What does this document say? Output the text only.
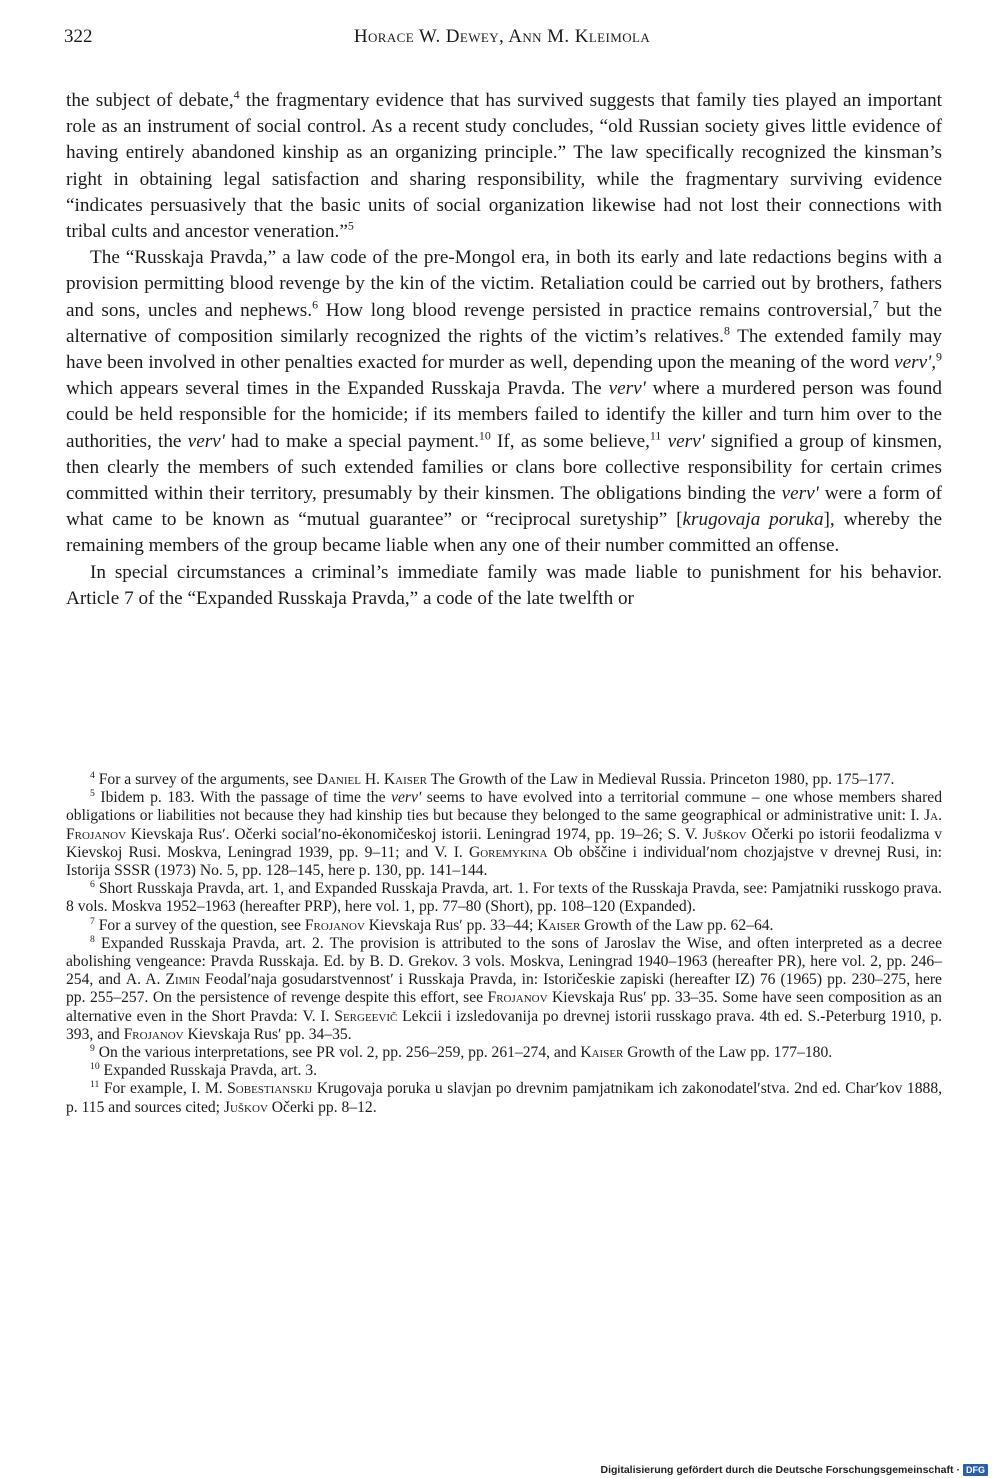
322	Horace W. Dewey, Ann M. Kleimola

the subject of debate,$^4$ the fragmentary evidence that has survived suggests that family ties played an important role as an instrument of social control. As a recent study concludes, “old Russian society gives little evidence of having entirely abandoned kinship as an organizing principle.” The law specifically recognized the kinsman’s right in obtaining legal satisfaction and sharing responsibility, while the fragmentary surviving evidence “indicates persuasively that the basic units of social organization likewise had not lost their connections with tribal cults and ancestor veneration.”$^5$

The “Russkaja Pravda,” a law code of the pre-Mongol era, in both its early and late redactions begins with a provision permitting blood revenge by the kin of the victim. Retaliation could be carried out by brothers, fathers and sons, uncles and nephews.$^6$ How long blood revenge persisted in practice remains controversial,$^7$ but the alternative of composition similarly recognized the rights of the victim’s relatives.$^8$ The extended family may have been involved in other penalties exacted for murder as well, depending upon the meaning of the word vervʹ,$^9$ which appears several times in the Expanded Russkaja Pravda. The vervʹ where a murdered person was found could be held responsible for the homicide; if its members failed to identify the killer and turn him over to the authorities, the vervʹ had to make a special payment.$^{10}$ If, as some believe,$^{11}$ vervʹ signified a group of kinsmen, then clearly the members of such extended families or clans bore collective responsibility for certain crimes committed within their territory, presumably by their kinsmen. The obligations binding the vervʹ were a form of what came to be known as “mutual guarantee” or “reciprocal suretyship” [krugovaja poruka], whereby the remaining members of the group became liable when any one of their number committed an offense.

In special circumstances a criminal’s immediate family was made liable to punishment for his behavior. Article 7 of the “Expanded Russkaja Pravda,” a code of the late twelfth or

$^4$ For a survey of the arguments, see Daniel H. Kaiser The Growth of the Law in Medieval Russia. Princeton 1980, pp. 175–177.

$^5$ Ibidem p. 183. With the passage of time the vervʹ seems to have evolved into a territorial commune – one whose members shared obligations or liabilities not because they had kinship ties but because they belonged to the same geographical or administrative unit: I. Ja. Frojanov Kievskaja Rusʹ. Očerki socialʹno-ėkonomičeskoj istorii. Leningrad 1974, pp. 19–26; S. V. Juškov Očerki po istorii feodalizma v Kievskoj Rusi. Moskva, Leningrad 1939, pp. 9–11; and V. I. Goremykina Ob obščine i individualʹnom chozjajstve v drevnej Rusi, in: Istorija SSSR (1973) No. 5, pp. 128–145, here p. 130, pp. 141–144.

$^6$ Short Russkaja Pravda, art. 1, and Expanded Russkaja Pravda, art. 1. For texts of the Russkaja Pravda, see: Pamjatniki russkogo prava. 8 vols. Moskva 1952–1963 (hereafter PRP), here vol. 1, pp. 77–80 (Short), pp. 108–120 (Expanded).

$^7$ For a survey of the question, see Frojanov Kievskaja Rusʹ pp. 33–44; Kaiser Growth of the Law pp. 62–64.

$^8$ Expanded Russkaja Pravda, art. 2. The provision is attributed to the sons of Jaroslav the Wise, and often interpreted as a decree abolishing vengeance: Pravda Russkaja. Ed. by B. D. Grekov. 3 vols. Moskva, Leningrad 1940–1963 (hereafter PR), here vol. 2, pp. 246–254, and A. A. Zimin Feodalʹnaja gosudarstvennostʹ i Russkaja Pravda, in: Istoričeskie zapiski (hereafter IZ) 76 (1965) pp. 230–275, here pp. 255–257. On the persistence of revenge despite this effort, see Frojanov Kievskaja Rusʹ pp. 33–35. Some have seen composition as an alternative even in the Short Pravda: V. I. Sergeevič Lekcii i izsledovanija po drevnej istorii russkago prava. 4th ed. S.-Peterburg 1910, p. 393, and Frojanov Kievskaja Rusʹ pp. 34–35.

$^9$ On the various interpretations, see PR vol. 2, pp. 256–259, pp. 261–274, and Kaiser Growth of the Law pp. 177–180.

$^{10}$ Expanded Russkaja Pravda, art. 3.

$^{11}$ For example, I. M. Sobestianskij Krugovaja poruka u slavjan po drevnim pamjatnikam ich zakonodatelʹstva. 2nd ed. Charʹkov 1888, p. 115 and sources cited; Juškov Očerki pp. 8–12.

Digitalisierung gefördert durch die Deutsche Forschungsgemeinschaft · DFG
